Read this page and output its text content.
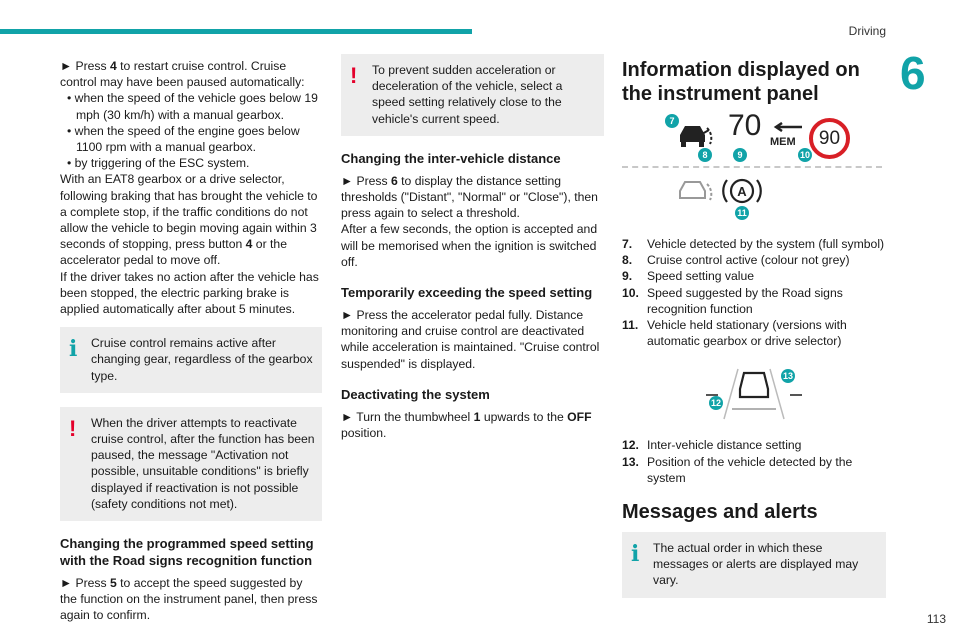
Driving
6
113

► Press 4 to restart cruise control. Cruise control may have been paused automatically:

• when the speed of the vehicle goes below 19 mph (30 km/h) with a manual gearbox.

• when the speed of the engine goes below 1100 rpm with a manual gearbox.

• by triggering of the ESC system.

With an EAT8 gearbox or a drive selector, following braking that has brought the vehicle to a complete stop, if the traffic conditions do not allow the vehicle to begin moving again within 3 seconds of stopping, press button 4 or the accelerator pedal to move off.

If the driver takes no action after the vehicle has been stopped, the electric parking brake is applied automatically after about 5 minutes.

i	Cruise control remains active after changing gear, regardless of the gearbox type.

!	When the driver attempts to reactivate cruise control, after the function has been paused, the message "Activation not possible, unsuitable conditions" is briefly displayed if reactivation is not possible (safety conditions not met).

Changing the programmed speed setting with the Road signs recognition function

► Press 5 to accept the speed suggested by the function on the instrument panel, then press again to confirm.

!	To prevent sudden acceleration or deceleration of the vehicle, select a speed setting relatively close to the vehicle's current speed.

Changing the inter-vehicle distance

► Press 6 to display the distance setting thresholds ("Distant", "Normal" or "Close"), then press again to select a threshold.

After a few seconds, the option is accepted and will be memorised when the ignition is switched off.

Temporarily exceeding the speed setting

► Press the accelerator pedal fully. Distance monitoring and cruise control are deactivated while acceleration is maintained. "Cruise control suspended" is displayed.

Deactivating the system

► Turn the thumbwheel 1 upwards to the OFF position.

Information displayed on the instrument panel
7
8
70
9
MEM	90
10
A
11
7.	Vehicle detected by the system (full symbol)
8.	Cruise control active (colour not grey)
9.	Speed setting value
10. Speed suggested by the Road signs recognition function
11. Vehicle held stationary (versions with automatic gearbox or drive selector)
13
12
12. Inter-vehicle distance setting
13. Position of the vehicle detected by the system
Messages and alerts
i	The actual order in which these messages or alerts are displayed may vary.
